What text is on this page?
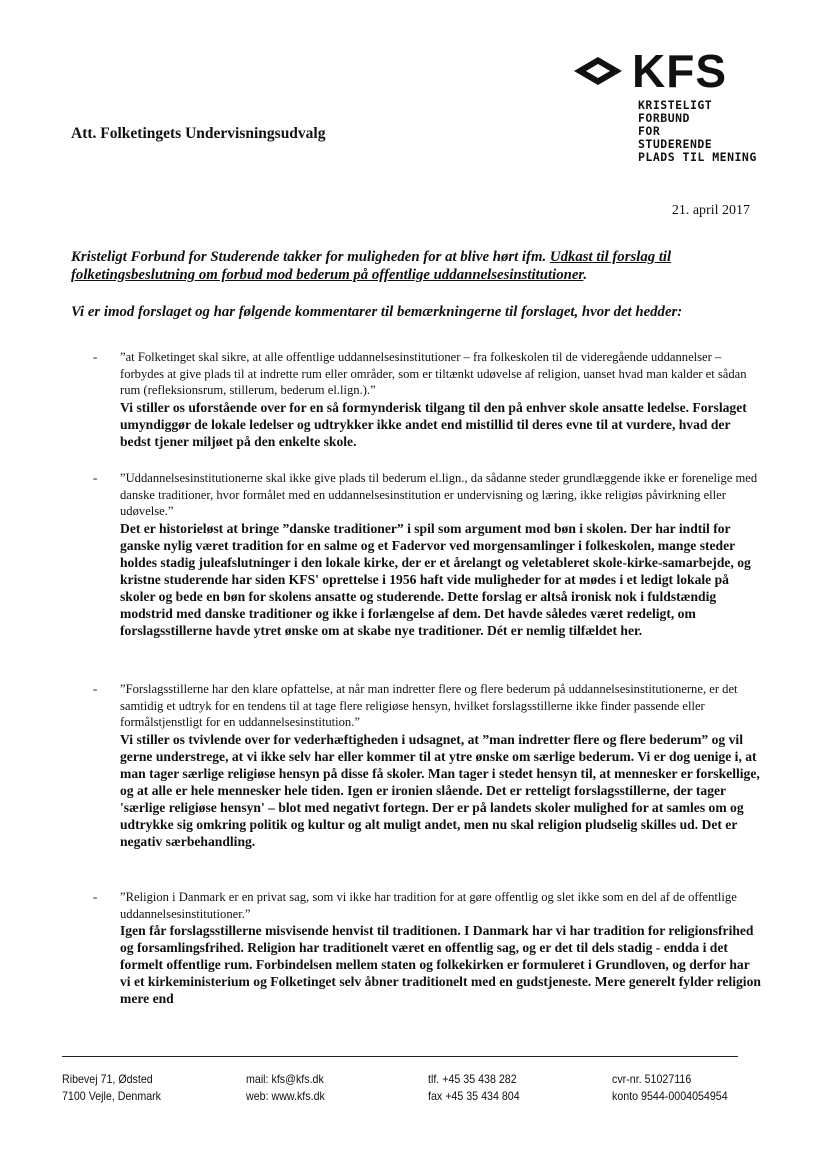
KFS
KRISTELIGT
FORBUND
FOR
STUDERENDE
PLADS TIL MENING
Att. Folketingets Undervisningsudvalg
21. april 2017
Kristeligt Forbund for Studerende takker for muligheden for at blive hørt ifm. Udkast til forslag til folketingsbeslutning om forbud mod bederum på offentlige uddannelsesinstitutioner.
Vi er imod forslaget og har følgende kommentarer til bemærkningerne til forslaget, hvor det hedder:
- ”at Folketinget skal sikre, at alle offentlige uddannelsesinstitutioner – fra folkeskolen til de videregående uddannelser – forbydes at give plads til at indrette rum eller områder, som er tiltænkt udøvelse af religion, uanset hvad man kalder et sådan rum (refleksionsrum, stillerum, bederum el.lign.).”
Vi stiller os uforstående over for en så formynderisk tilgang til den på enhver skole ansatte ledelse. Forslaget umyndiggør de lokale ledelser og udtrykker ikke andet end mistillid til deres evne til at vurdere, hvad der bedst tjener miljøet på den enkelte skole.
- ”Uddannelsesinstitutionerne skal ikke give plads til bederum el.lign., da sådanne steder grundlæggende ikke er forenelige med danske traditioner, hvor formålet med en uddannelsesinstitution er undervisning og læring, ikke religiøs påvirkning eller udøvelse.”
Det er historieløst at bringe ”danske traditioner” i spil som argument mod bøn i skolen. Der har indtil for ganske nylig været tradition for en salme og et Fadervor ved morgensamlinger i folkeskolen, mange steder holdes stadig juleafslutninger i den lokale kirke, der er et årelangt og veletableret skole-kirke-samarbejde, og kristne studerende har siden KFS' oprettelse i 1956 haft vide muligheder for at mødes i et ledigt lokale på skoler og bede en bøn for skolens ansatte og studerende. Dette forslag er altså ironisk nok i fuldstændig modstrid med danske traditioner og ikke i forlængelse af dem. Det havde således været redeligt, om forslagsstillerne havde ytret ønske om at skabe nye traditioner. Dét er nemlig tilfældet her.
- ”Forslagsstillerne har den klare opfattelse, at når man indretter flere og flere bederum på uddannelsesinstitutionerne, er det samtidig et udtryk for en tendens til at tage flere religiøse hensyn, hvilket forslagsstillerne ikke finder passende eller formålstjenstligt for en uddannelsesinstitution.”
Vi stiller os tvivlende over for vederhæftigheden i udsagnet, at ”man indretter flere og flere bederum” og vil gerne understrege, at vi ikke selv har eller kommer til at ytre ønske om særlige bederum. Vi er dog uenige i, at man tager særlige religiøse hensyn på disse få skoler. Man tager i stedet hensyn til, at mennesker er forskellige, og at alle er hele mennesker hele tiden. Igen er ironien slående. Det er retteligt forslagsstillerne, der tager 'særlige religiøse hensyn' – blot med negativt fortegn. Der er på landets skoler mulighed for at samles om og udtrykke sig omkring politik og kultur og alt muligt andet, men nu skal religion pludselig skilles ud. Det er negativ særbehandling.
- ”Religion i Danmark er en privat sag, som vi ikke har tradition for at gøre offentlig og slet ikke som en del af de offentlige uddannelsesinstitutioner.”
Igen får forslagsstillerne misvisende henvist til traditionen. I Danmark har vi har tradition for religionsfrihed og forsamlingsfrihed. Religion har traditionelt været en offentlig sag, og er det til dels stadig - endda i det formelt offentlige rum. Forbindelsen mellem staten og folkekirken er formuleret i Grundloven, og derfor har vi et kirkeministerium og Folketinget selv åbner traditionelt med en gudstjeneste. Mere generelt fylder religion mere end
Ribevej 71, Ødsted
7100 Vejle, Denmark
mail: kfs@kfs.dk
web: www.kfs.dk
tlf. +45 35 438 282
fax +45 35 434 804
cvr-nr. 51027116
konto 9544-0004054954
